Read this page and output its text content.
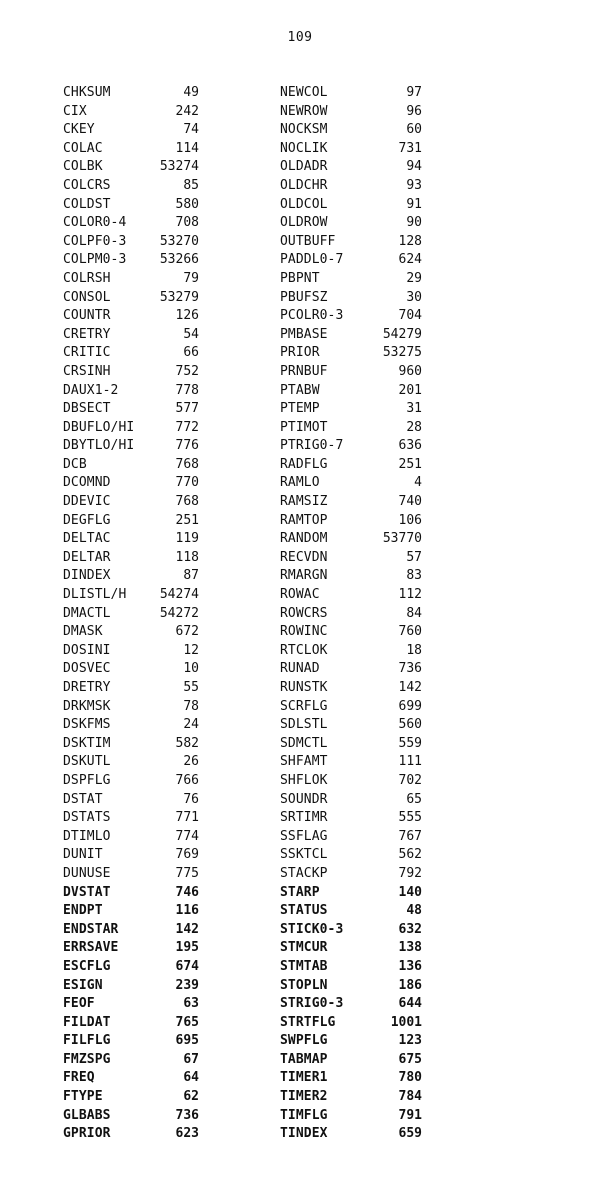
109
CHKSUM	49
CIX	242
CKEY	74
COLAC	114
COLBK	53274
COLCRS	85
COLDST	580
COLOR0-4	708
COLPF0-3	53270
COLPM0-3	53266
COLRSH	79
CONSOL	53279
COUNTR	126
CRETRY	54
CRITIC	66
CRSINH	752
DAUX1-2	778
DBSECT	577
DBUFLO/HI	772
DBYTLO/HI	776
DCB	768
DCOMND	770
DDEVIC	768
DEGFLG	251
DELTAC	119
DELTAR	118
DINDEX	87
DLISTL/H	54274
DMACTL	54272
DMASK	672
DOSINI	12
DOSVEC	10
DRETRY	55
DRKMSK	78
DSKFMS	24
DSKTIM	582
DSKUTL	26
DSPFLG	766
DSTAT	76
DSTATS	771
DTIMLO	774
DUNIT	769
DUNUSE	775
DVSTAT	746
ENDPT	116
ENDSTAR	142
ERRSAVE	195
ESCFLG	674
ESIGN	239
FEOF	63
FILDAT	765
FILFLG	695
FMZSPG	67
FREQ	64
FTYPE	62
GLBABS	736
GPRIOR	623
NEWCOL	97
NEWROW	96
NOCKSM	60
NOCLIK	731
OLDADR	94
OLDCHR	93
OLDCOL	91
OLDROW	90
OUTBUFF	128
PADDL0-7	624
PBPNT	29
PBUFSZ	30
PCOLR0-3	704
PMBASE	54279
PRIOR	53275
PRNBUF	960
PTABW	201
PTEMP	31
PTIMOT	28
PTRIG0-7	636
RADFLG	251
RAMLO	4
RAMSIZ	740
RAMTOP	106
RANDOM	53770
RECVDN	57
RMARGN	83
ROWAC	112
ROWCRS	84
ROWINC	760
RTCLOK	18
RUNAD	736
RUNSTK	142
SCRFLG	699
SDLSTL	560
SDMCTL	559
SHFAMT	111
SHFLOK	702
SOUNDR	65
SRTIMR	555
SSFLAG	767
SSKTCL	562
STACKP	792
STARP	140
STATUS	48
STICK0-3	632
STMCUR	138
STMTAB	136
STOPLN	186
STRIG0-3	644
STRTFLG	1001
SWPFLG	123
TABMAP	675
TIMER1	780
TIMER2	784
TIMFLG	791
TINDEX	659
